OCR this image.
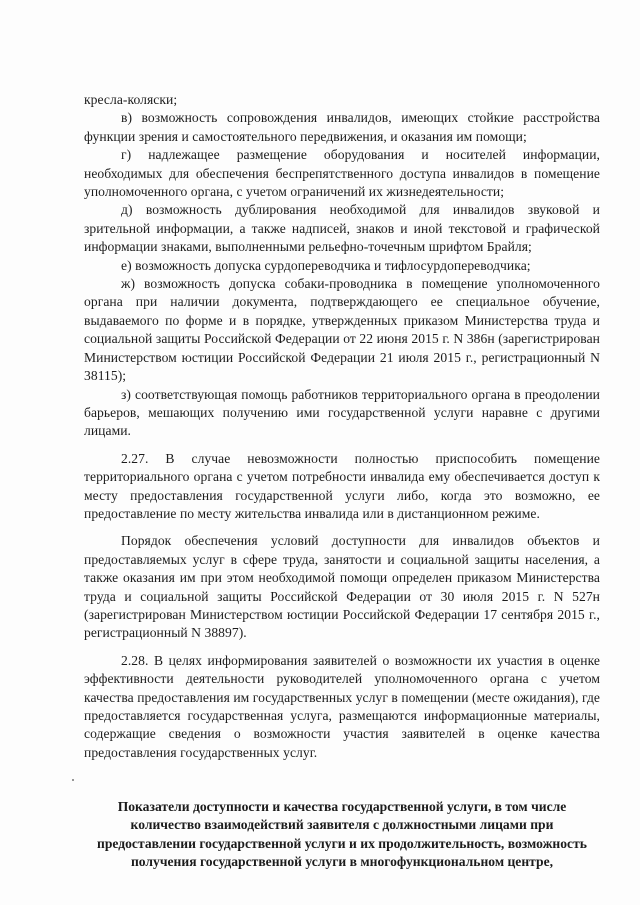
кресла-коляски;

в) возможность сопровождения инвалидов, имеющих стойкие расстройства функции зрения и самостоятельного передвижения, и оказания им помощи;

г) надлежащее размещение оборудования и носителей информации, необходимых для обеспечения беспрепятственного доступа инвалидов в помещение уполномоченного органа, с учетом ограничений их жизнедеятельности;

д) возможность дублирования необходимой для инвалидов звуковой и зрительной информации, а также надписей, знаков и иной текстовой и графической информации знаками, выполненными рельефно-точечным шрифтом Брайля;

е) возможность допуска сурдопереводчика и тифлосурдопереводчика;

ж) возможность допуска собаки-проводника в помещение уполномоченного органа при наличии документа, подтверждающего ее специальное обучение, выдаваемого по форме и в порядке, утвержденных приказом Министерства труда и социальной защиты Российской Федерации от 22 июня 2015 г. N 386н (зарегистрирован Министерством юстиции Российской Федерации 21 июля 2015 г., регистрационный N 38115);

з) соответствующая помощь работников территориального органа в преодолении барьеров, мешающих получению ими государственной услуги наравне с другими лицами.

2.27. В случае невозможности полностью приспособить помещение территориального органа с учетом потребности инвалида ему обеспечивается доступ к месту предоставления государственной услуги либо, когда это возможно, ее предоставление по месту жительства инвалида или в дистанционном режиме.

Порядок обеспечения условий доступности для инвалидов объектов и предоставляемых услуг в сфере труда, занятости и социальной защиты населения, а также оказания им при этом необходимой помощи определен приказом Министерства труда и социальной защиты Российской Федерации от 30 июля 2015 г. N 527н (зарегистрирован Министерством юстиции Российской Федерации 17 сентября 2015 г., регистрационный N 38897).

2.28. В целях информирования заявителей о возможности их участия в оценке эффективности деятельности руководителей уполномоченного органа с учетом качества предоставления им государственных услуг в помещении (месте ожидания), где предоставляется государственная услуга, размещаются информационные материалы, содержащие сведения о возможности участия заявителей в оценке качества предоставления государственных услуг.

Показатели доступности и качества государственной услуги, в том числе
количество взаимодействий заявителя с должностными лицами при
предоставлении государственной услуги и их продолжительность, возможность
получения государственной услуги в многофункциональном центре,
